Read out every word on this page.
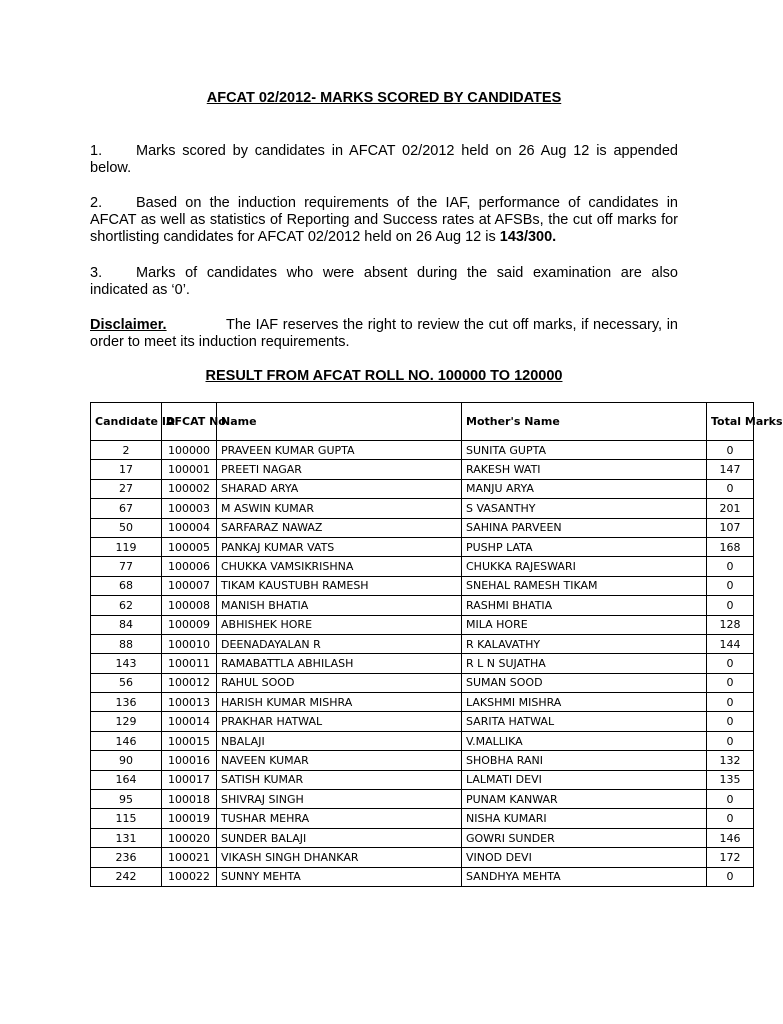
AFCAT 02/2012- MARKS SCORED BY CANDIDATES
1. Marks scored by candidates in AFCAT 02/2012 held on 26 Aug 12 is appended below.
2. Based on the induction requirements of the IAF, performance of candidates in AFCAT as well as statistics of Reporting and Success rates at AFSBs, the cut off marks for shortlisting candidates for AFCAT 02/2012 held on 26 Aug 12 is 143/300.
3. Marks of candidates who were absent during the said examination are also indicated as ‘0’.
Disclaimer.	The IAF reserves the right to review the cut off marks, if necessary, in order to meet its induction requirements.
RESULT FROM AFCAT ROLL NO. 100000 TO 120000
Candidate ID	AFCAT No.	Name	Mother's Name	Total Marks
2	100000	PRAVEEN KUMAR GUPTA	SUNITA GUPTA	0
17	100001	PREETI NAGAR	RAKESH WATI	147
27	100002	SHARAD ARYA	MANJU ARYA	0
67	100003	M ASWIN KUMAR	S VASANTHY	201
50	100004	SARFARAZ NAWAZ	SAHINA PARVEEN	107
119	100005	PANKAJ KUMAR VATS	PUSHP LATA	168
77	100006	CHUKKA VAMSIKRISHNA	CHUKKA RAJESWARI	0
68	100007	TIKAM KAUSTUBH RAMESH	SNEHAL RAMESH TIKAM	0
62	100008	MANISH BHATIA	RASHMI BHATIA	0
84	100009	ABHISHEK HORE	MILA HORE	128
88	100010	DEENADAYALAN R	R KALAVATHY	144
143	100011	RAMABATTLA ABHILASH	R L N SUJATHA	0
56	100012	RAHUL SOOD	SUMAN SOOD	0
136	100013	HARISH KUMAR MISHRA	LAKSHMI MISHRA	0
129	100014	PRAKHAR HATWAL	SARITA HATWAL	0
146	100015	NBALAJI	V.MALLIKA	0
90	100016	NAVEEN KUMAR	SHOBHA RANI	132
164	100017	SATISH KUMAR	LALMATI DEVI	135
95	100018	SHIVRAJ SINGH	PUNAM KANWAR	0
115	100019	TUSHAR MEHRA	NISHA KUMARI	0
131	100020	SUNDER BALAJI	GOWRI SUNDER	146
236	100021	VIKASH SINGH DHANKAR	VINOD DEVI	172
242	100022	SUNNY MEHTA	SANDHYA MEHTA	0
